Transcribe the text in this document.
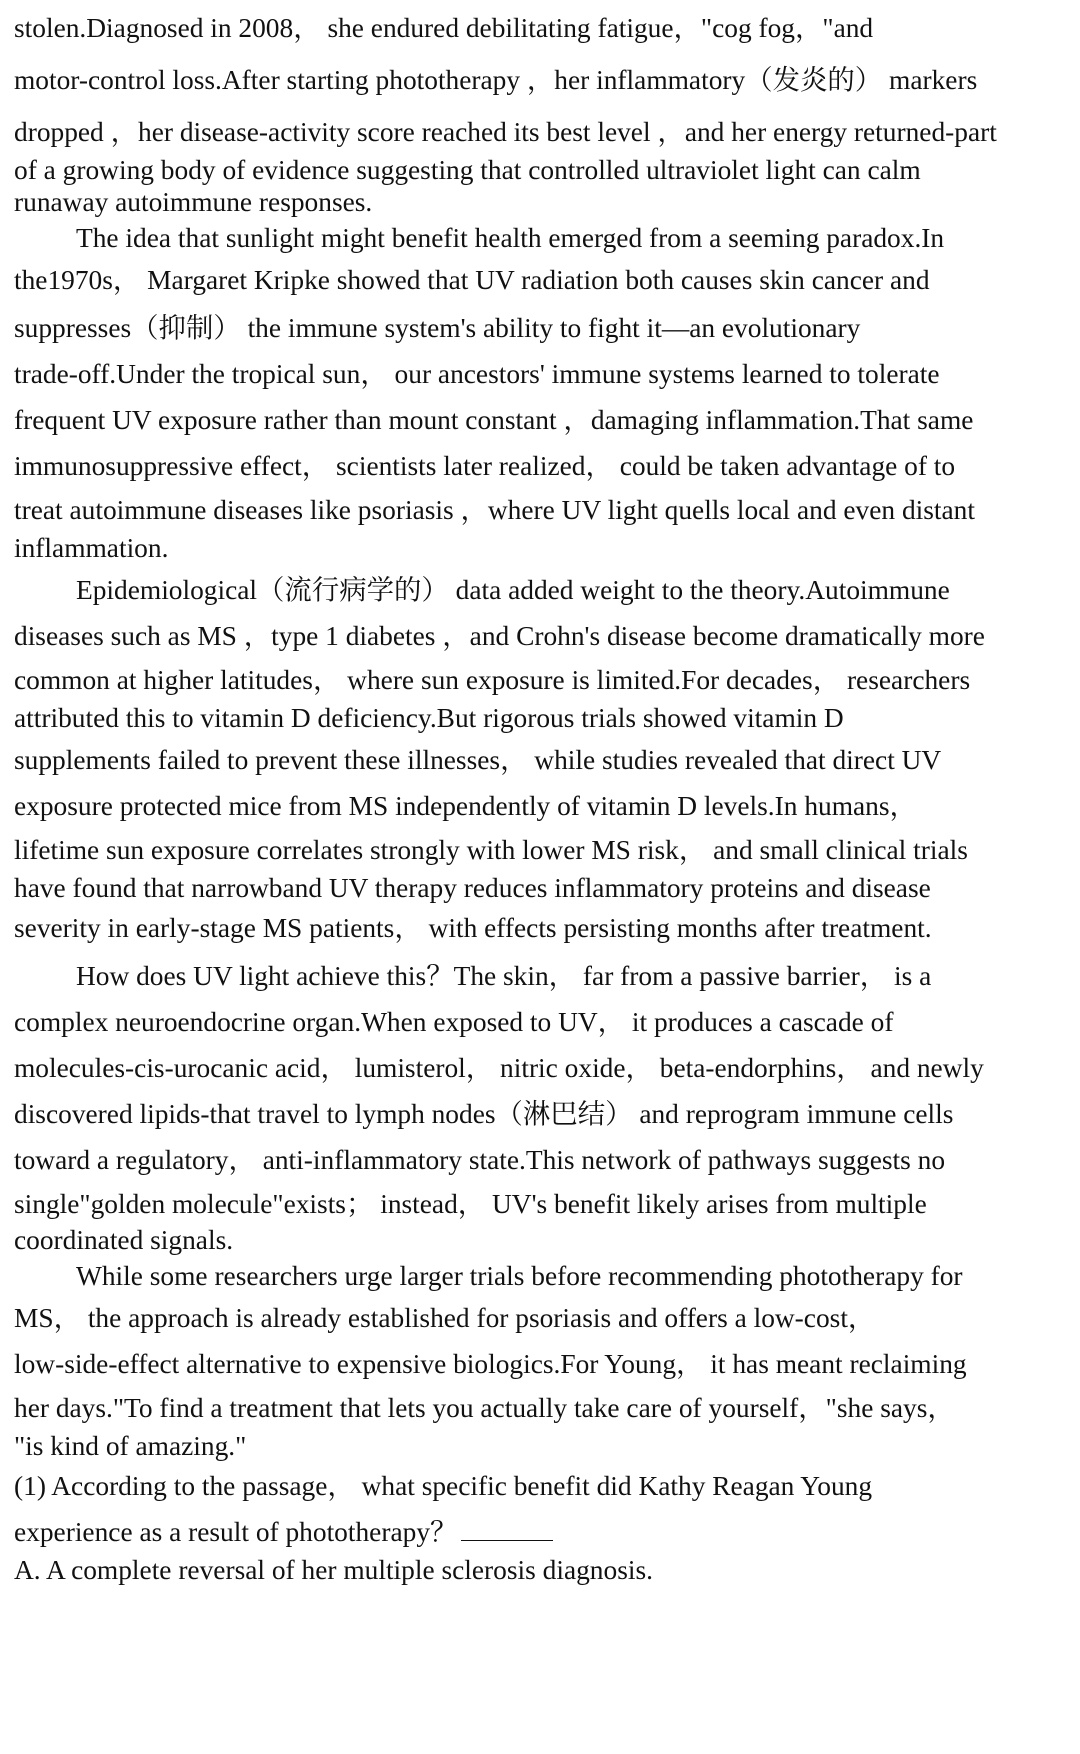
stolen.Diagnosed in 2008， she endured debilitating fatigue，"cog fog，"and
motor-control loss.After starting phototherapy ，her inflammatory（发炎的） markers
dropped ，her disease-activity score reached its best level ，and her energy returned-part
of a growing body of evidence suggesting that controlled ultraviolet light can calm
runaway autoimmune responses.
The idea that sunlight might benefit health emerged from a seeming paradox.In
the1970s， Margaret Kripke showed that UV radiation both causes skin cancer and
suppresses（抑制） the immune system's ability to fight it—an evolutionary
trade-off.Under the tropical sun， our ancestors' immune systems learned to tolerate
frequent UV exposure rather than mount constant ，damaging inflammation.That same
immunosuppressive effect， scientists later realized， could be taken advantage of to
treat autoimmune diseases like psoriasis ，where UV light quells local and even distant
inflammation.
Epidemiological（流行病学的） data added weight to the theory.Autoimmune
diseases such as MS ，type 1 diabetes ，and Crohn's disease become dramatically more
common at higher latitudes， where sun exposure is limited.For decades， researchers
attributed this to vitamin D deficiency.But rigorous trials showed vitamin D
supplements failed to prevent these illnesses， while studies revealed that direct UV
exposure protected mice from MS independently of vitamin D levels.In humans，
lifetime sun exposure correlates strongly with lower MS risk， and small clinical trials
have found that narrowband UV therapy reduces inflammatory proteins and disease
severity in early-stage MS patients， with effects persisting months after treatment.
How does UV light achieve this？The skin， far from a passive barrier， is a
complex neuroendocrine organ.When exposed to UV， it produces a cascade of
molecules-cis-urocanic acid， lumisterol， nitric oxide， beta-endorphins， and newly
discovered lipids-that travel to lymph nodes（淋巴结） and reprogram immune cells
toward a regulatory， anti-inflammatory state.This network of pathways suggests no
single"golden molecule"exists； instead， UV's benefit likely arises from multiple
coordinated signals.
While some researchers urge larger trials before recommending phototherapy for
MS， the approach is already established for psoriasis and offers a low-cost，
low-side-effect alternative to expensive biologics.For Young， it has meant reclaiming
her days."To find a treatment that lets you actually take care of yourself，"she says，
"is kind of amazing."
(1) According to the passage， what specific benefit did Kathy Reagan Young
experience as a result of phototherapy？
A. A complete reversal of her multiple sclerosis diagnosis.
